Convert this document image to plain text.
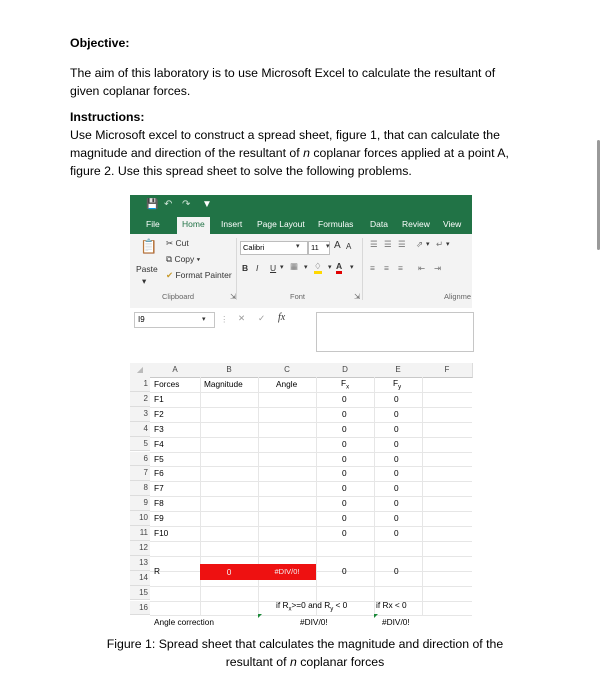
Objective:

The aim of this laboratory is to use Microsoft Excel to calculate the resultant of

given coplanar forces.

Instructions:

Use Microsoft excel to construct a spread sheet, figure 1, that can calculate the

magnitude and direction of the resultant of n coplanar forces applied at a point A,

figure 2. Use this spread sheet to solve the following problems.

💾 ↶ ↷ ▼
File	Home	Insert Page Layout Formulas Data Review View
📋
Paste
▾
✂ Cut
⧉ Copy ▾
✔ Format Painter
Clipboard	⇲
Calibri	▾	11	▾ A A
B I U ▾ ▦ ▾ ♢ ▾ A ▾
Font	⇲
☰ ☰ ☰ ⇗ ▾ ↵ ▾
≡ ≡ ≡ ⇤ ⇥
Alignme
I9	▾ ⋮ ✕ ✓ fx
◢	A	B	C	D	E	F
1
2
3
4
5
6
7
8
9
10
11
12
13
14
15
16
Forces	Magnitude	Angle	$F_x$	$F_y$
F1	0	0
F2	0	0
F3	0	0
F4	0	0
F5	0	0
F6	0	0
F7	0	0
F8	0	0
F9	0	0
F10	0	0
R	0	#DIV/0!	0	0
if $R_x>=0$ and $R_y < 0$	if Rx < 0
Angle correction	#DIV/0!	#DIV/0!
Figure 1: Spread sheet that calculates the magnitude and direction of the
resultant of n coplanar forces
